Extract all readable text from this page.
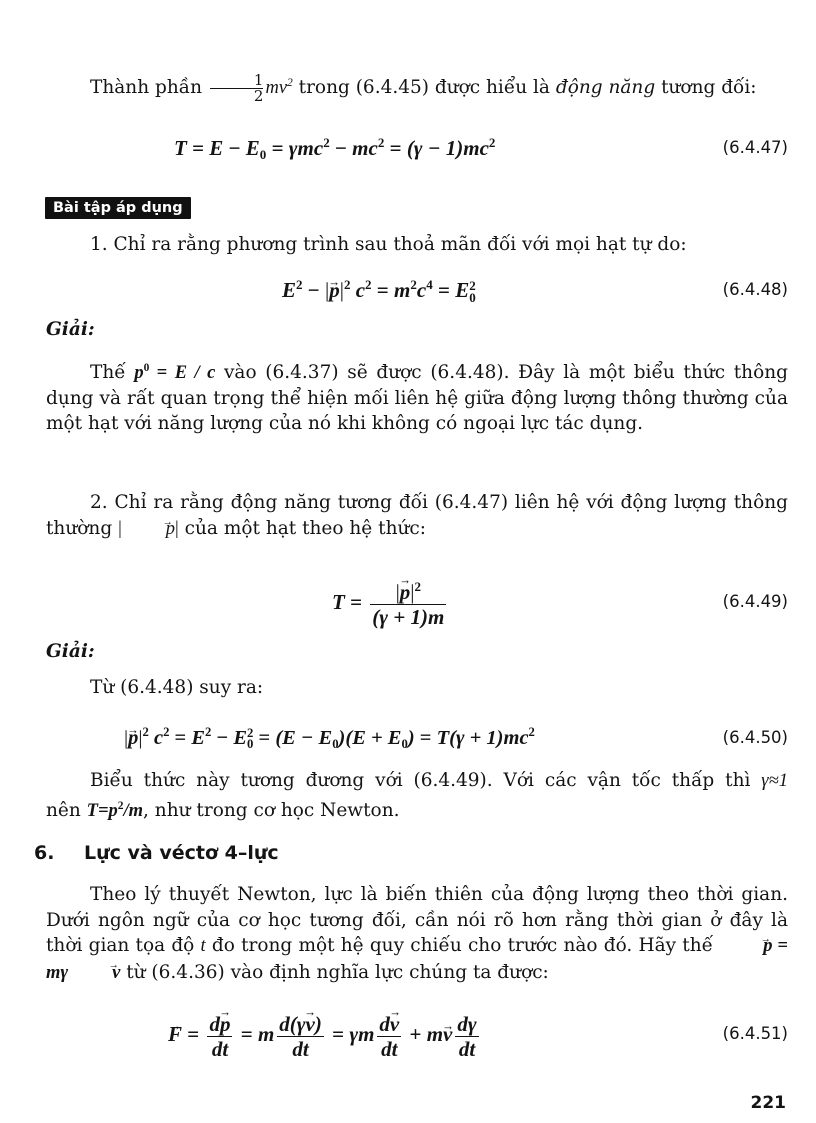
Thành phần $\frac{1}{2} mv^2$ trong (6.4.45) được hiểu là động năng tương đối:
$T = E - E_0 = \gamma mc^2 - mc^2 = (\gamma - 1)mc^2$	(6.4.47)
Bài tập áp dụng
1. Chỉ ra rằng phương trình sau thoả mãn đối với mọi hạt tự do:
$E^2$ − |→ $p|^2$ $c^2 = m^2c^4 = E$ 2
0	(6.4.48)
Giải:
Thế $p^0 = E / c$ vào (6.4.37) sẽ được (6.4.48). Đây là một biểu thức thông dụng và rất quan trọng thể hiện mối liên hệ giữa động lượng thông thường của một hạt với năng lượng của nó khi không có ngoại lực tác dụng.
2. Chỉ ra rằng động năng tương đối (6.4.47) liên hệ với động lượng thông thường | → p| của một hạt theo hệ thức:
$T = \frac{|\to p|^2}{(\gamma + 1)m}$	(6.4.49)
Giải:
Từ (6.4.48) suy ra:
|→ $p|^2$ $c^2 = E^2 - E$ 2
$0 = (E - E_0)(E + E_0) = T(\gamma + 1)mc^2$	(6.4.50)
Biểu thức này tương đương với (6.4.49). Với các vận tốc thấp thì γ≈1
nên $T=p^2/m$, như trong cơ học Newton.
6. Lực và véctơ 4–lực
Theo lý thuyết Newton, lực là biến thiên của động lượng theo thời gian. Dưới ngôn ngữ của cơ học tương đối, cần nói rõ hơn rằng thời gian ở đây là thời gian tọa độ t đo trong một hệ quy chiếu cho trước nào đó. Hãy thế	→ p = mγ → v từ (6.4.36) vào định nghĩa lực chúng ta được:
→ $F = \frac{d\to p}{dt} = m \frac{d(\gamma\to v)}{dt} = \gamma m \frac{d\to v}{dt} + m\to v \frac{d\gamma}{dt}$	(6.4.51)
221
